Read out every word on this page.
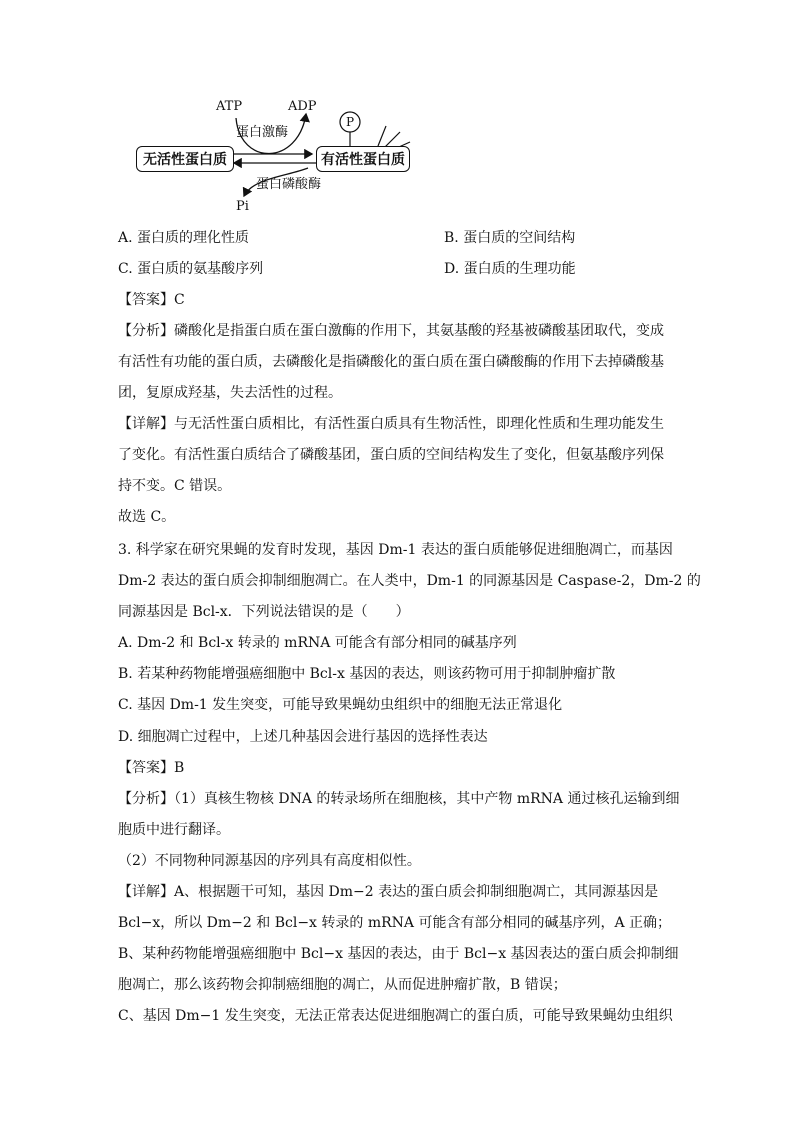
ATP	ADP
蛋白激酶
P
无活性蛋白质	有活性蛋白质
蛋白磷酸酶
Pi
A. 蛋白质的理化性质	B. 蛋白质的空间结构
C. 蛋白质的氨基酸序列	D. 蛋白质的生理功能
【答案】C
【分析】磷酸化是指蛋白质在蛋白激酶的作用下，其氨基酸的羟基被磷酸基团取代，变成
有活性有功能的蛋白质，去磷酸化是指磷酸化的蛋白质在蛋白磷酸酶的作用下去掉磷酸基
团，复原成羟基，失去活性的过程。
【详解】与无活性蛋白质相比，有活性蛋白质具有生物活性，即理化性质和生理功能发生
了变化。有活性蛋白质结合了磷酸基团，蛋白质的空间结构发生了变化，但氨基酸序列保
持不变。C 错误。
故选 C。
3. 科学家在研究果蝇的发育时发现，基因 Dm-1 表达的蛋白质能够促进细胞凋亡，而基因
Dm-2 表达的蛋白质会抑制细胞凋亡。在人类中，Dm-1 的同源基因是 Caspase-2，Dm-2 的
同源基因是 Bcl-x．下列说法错误的是（　　）
A. Dm-2 和 Bcl-x 转录的 mRNA 可能含有部分相同的碱基序列
B. 若某种药物能增强癌细胞中 Bcl-x 基因的表达，则该药物可用于抑制肿瘤扩散
C. 基因 Dm-1 发生突变，可能导致果蝇幼虫组织中的细胞无法正常退化
D. 细胞凋亡过程中，上述几种基因会进行基因的选择性表达
【答案】B
【分析】（1）真核生物核 DNA 的转录场所在细胞核，其中产物 mRNA 通过核孔运输到细
胞质中进行翻译。
（2）不同物种同源基因的序列具有高度相似性。
【详解】A、根据题干可知，基因 Dm−2 表达的蛋白质会抑制细胞凋亡，其同源基因是
Bcl−x，所以 Dm−2 和 Bcl−x 转录的 mRNA 可能含有部分相同的碱基序列，A 正确；
B、某种药物能增强癌细胞中 Bcl−x 基因的表达，由于 Bcl−x 基因表达的蛋白质会抑制细
胞凋亡，那么该药物会抑制癌细胞的凋亡，从而促进肿瘤扩散，B 错误；
C、基因 Dm−1 发生突变，无法正常表达促进细胞凋亡的蛋白质，可能导致果蝇幼虫组织
